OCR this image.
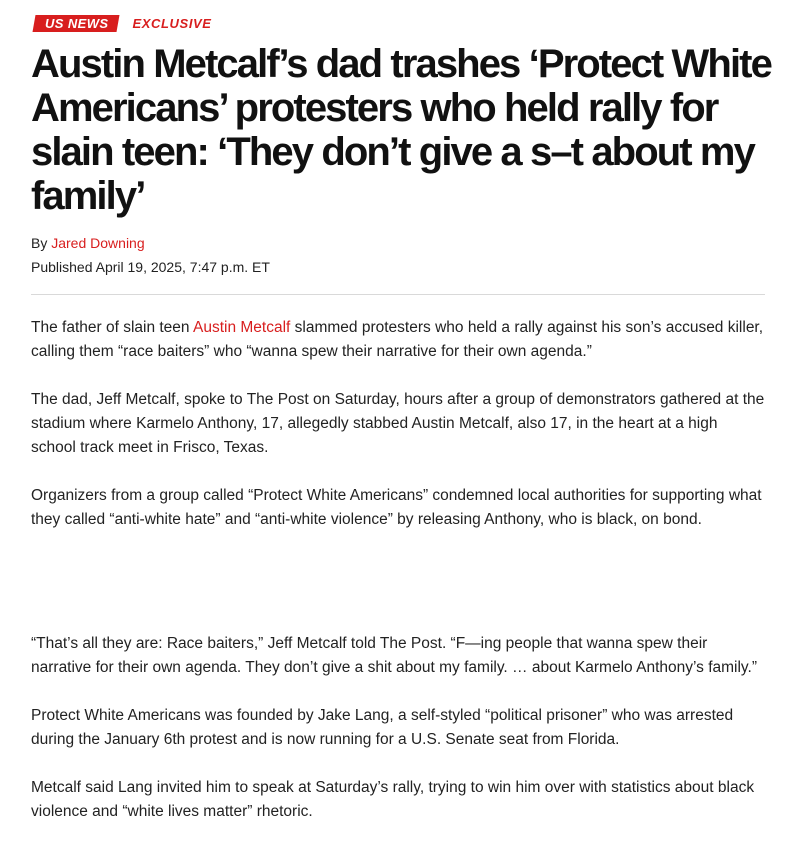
US NEWS	EXCLUSIVE
Austin Metcalf’s dad trashes ‘Protect White Americans’ protesters who held rally for slain teen: ‘They don’t give a s–t about my family’
By Jared Downing
Published April 19, 2025, 7:47 p.m. ET

The father of slain teen Austin Metcalf slammed protesters who held a rally against his son’s accused killer, calling them “race baiters” who “wanna spew their narrative for their own agenda.”

The dad, Jeff Metcalf, spoke to The Post on Saturday, hours after a group of demonstrators gathered at the stadium where Karmelo Anthony, 17, allegedly stabbed Austin Metcalf, also 17, in the heart at a high school track meet in Frisco, Texas.

Organizers from a group called “Protect White Americans” condemned local authorities for supporting what they called “anti-white hate” and “anti-white violence” by releasing Anthony, who is black, on bond.

“That’s all they are: Race baiters,” Jeff Metcalf told The Post. “F—ing people that wanna spew their narrative for their own agenda. They don’t give a shit about my family. … about Karmelo Anthony’s family.”

Protect White Americans was founded by Jake Lang, a self-styled “political prisoner” who was arrested during the January 6th protest and is now running for a U.S. Senate seat from Florida.

Metcalf said Lang invited him to speak at Saturday’s rally, trying to win him over with statistics about black violence and “white lives matter” rhetoric.
